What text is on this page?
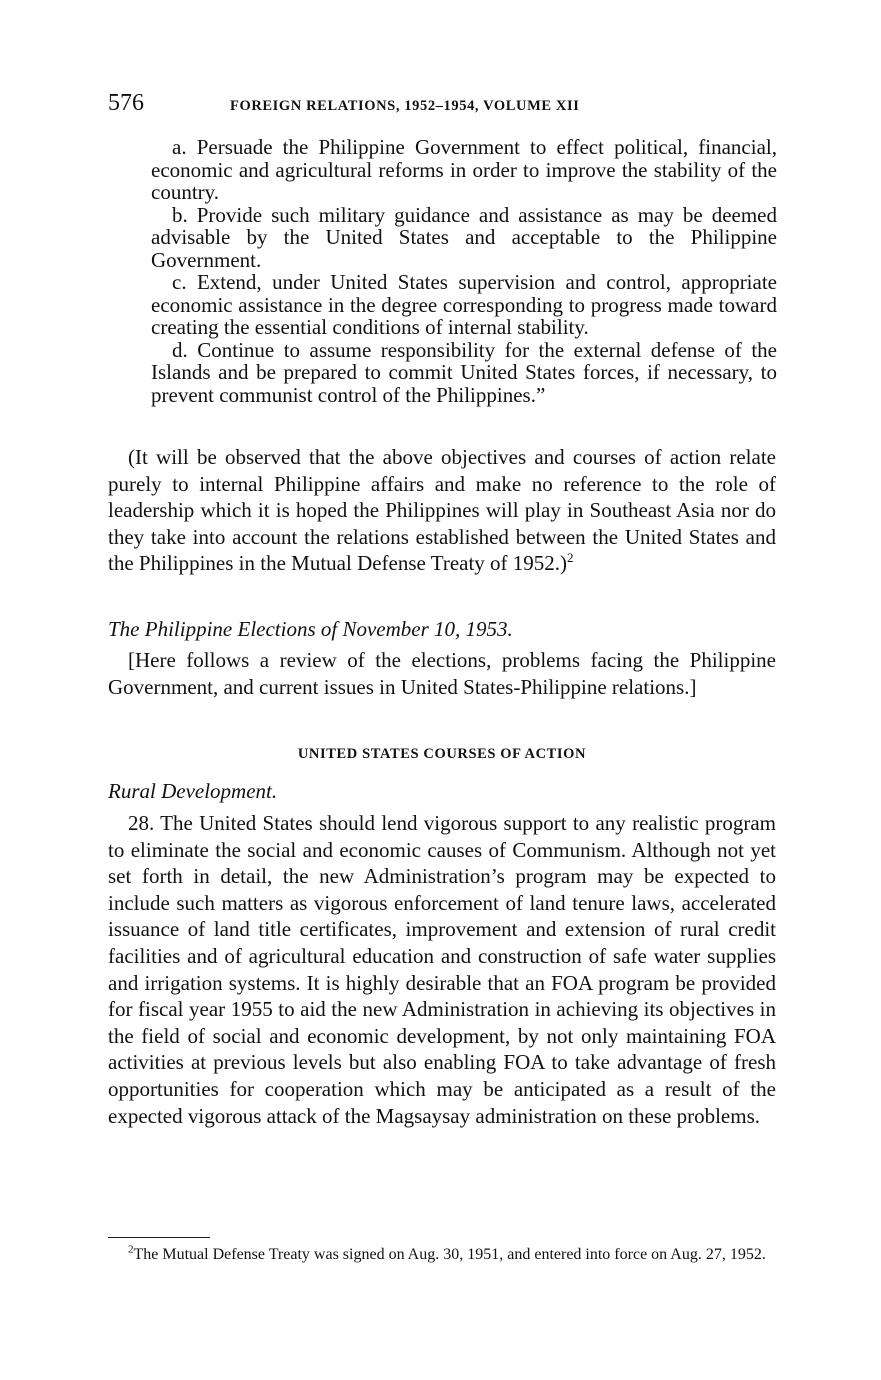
576	FOREIGN RELATIONS, 1952–1954, VOLUME XII

a. Persuade the Philippine Government to effect political, financial, economic and agricultural reforms in order to improve the stability of the country.

b. Provide such military guidance and assistance as may be deemed advisable by the United States and acceptable to the Philippine Government.

c. Extend, under United States supervision and control, appropriate economic assistance in the degree corresponding to progress made toward creating the essential conditions of internal stability.

d. Continue to assume responsibility for the external defense of the Islands and be prepared to commit United States forces, if necessary, to prevent communist control of the Philippines.”

(It will be observed that the above objectives and courses of action relate purely to internal Philippine affairs and make no reference to the role of leadership which it is hoped the Philippines will play in Southeast Asia nor do they take into account the relations established between the United States and the Philippines in the Mutual Defense Treaty of 1952.)$^2$

The Philippine Elections of November 10, 1953.

[Here follows a review of the elections, problems facing the Philippine Government, and current issues in United States-Philippine relations.]

UNITED STATES COURSES OF ACTION
Rural Development.

28. The United States should lend vigorous support to any realistic program to eliminate the social and economic causes of Communism. Although not yet set forth in detail, the new Administration’s program may be expected to include such matters as vigorous enforcement of land tenure laws, accelerated issuance of land title certificates, improvement and extension of rural credit facilities and of agricultural education and construction of safe water supplies and irrigation systems. It is highly desirable that an FOA program be provided for fiscal year 1955 to aid the new Administration in achieving its objectives in the field of social and economic development, by not only maintaining FOA activities at previous levels but also enabling FOA to take advantage of fresh opportunities for cooperation which may be anticipated as a result of the expected vigorous attack of the Magsaysay administration on these problems.

$^2$The Mutual Defense Treaty was signed on Aug. 30, 1951, and entered into force on Aug. 27, 1952.
